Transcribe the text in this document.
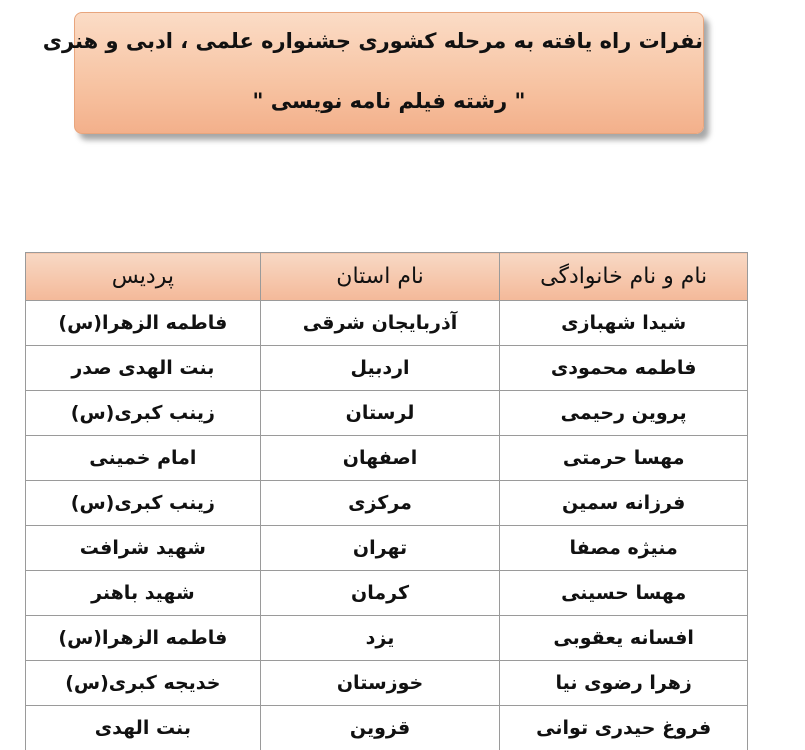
نفرات راه یافته به مرحله کشوری جشنواره علمی ، ادبی و هنری
" رشته فیلم نامه نویسی "
نام و نام خانوادگی	نام استان	پردیس
شیدا شهبازی	آذربایجان شرقی	فاطمه الزهرا(س)
فاطمه محمودی	اردبیل	بنت الهدی صدر
پروین رحیمی	لرستان	زینب کبری(س)
مهسا حرمتی	اصفهان	امام خمینی
فرزانه سمین	مرکزی	زینب کبری(س)
منیژه مصفا	تهران	شهید شرافت
مهسا حسینی	کرمان	شهید باهنر
افسانه یعقوبی	یزد	فاطمه الزهرا(س)
زهرا رضوی نیا	خوزستان	خدیجه کبری(س)
فروغ حیدری توانی	قزوین	بنت الهدی
